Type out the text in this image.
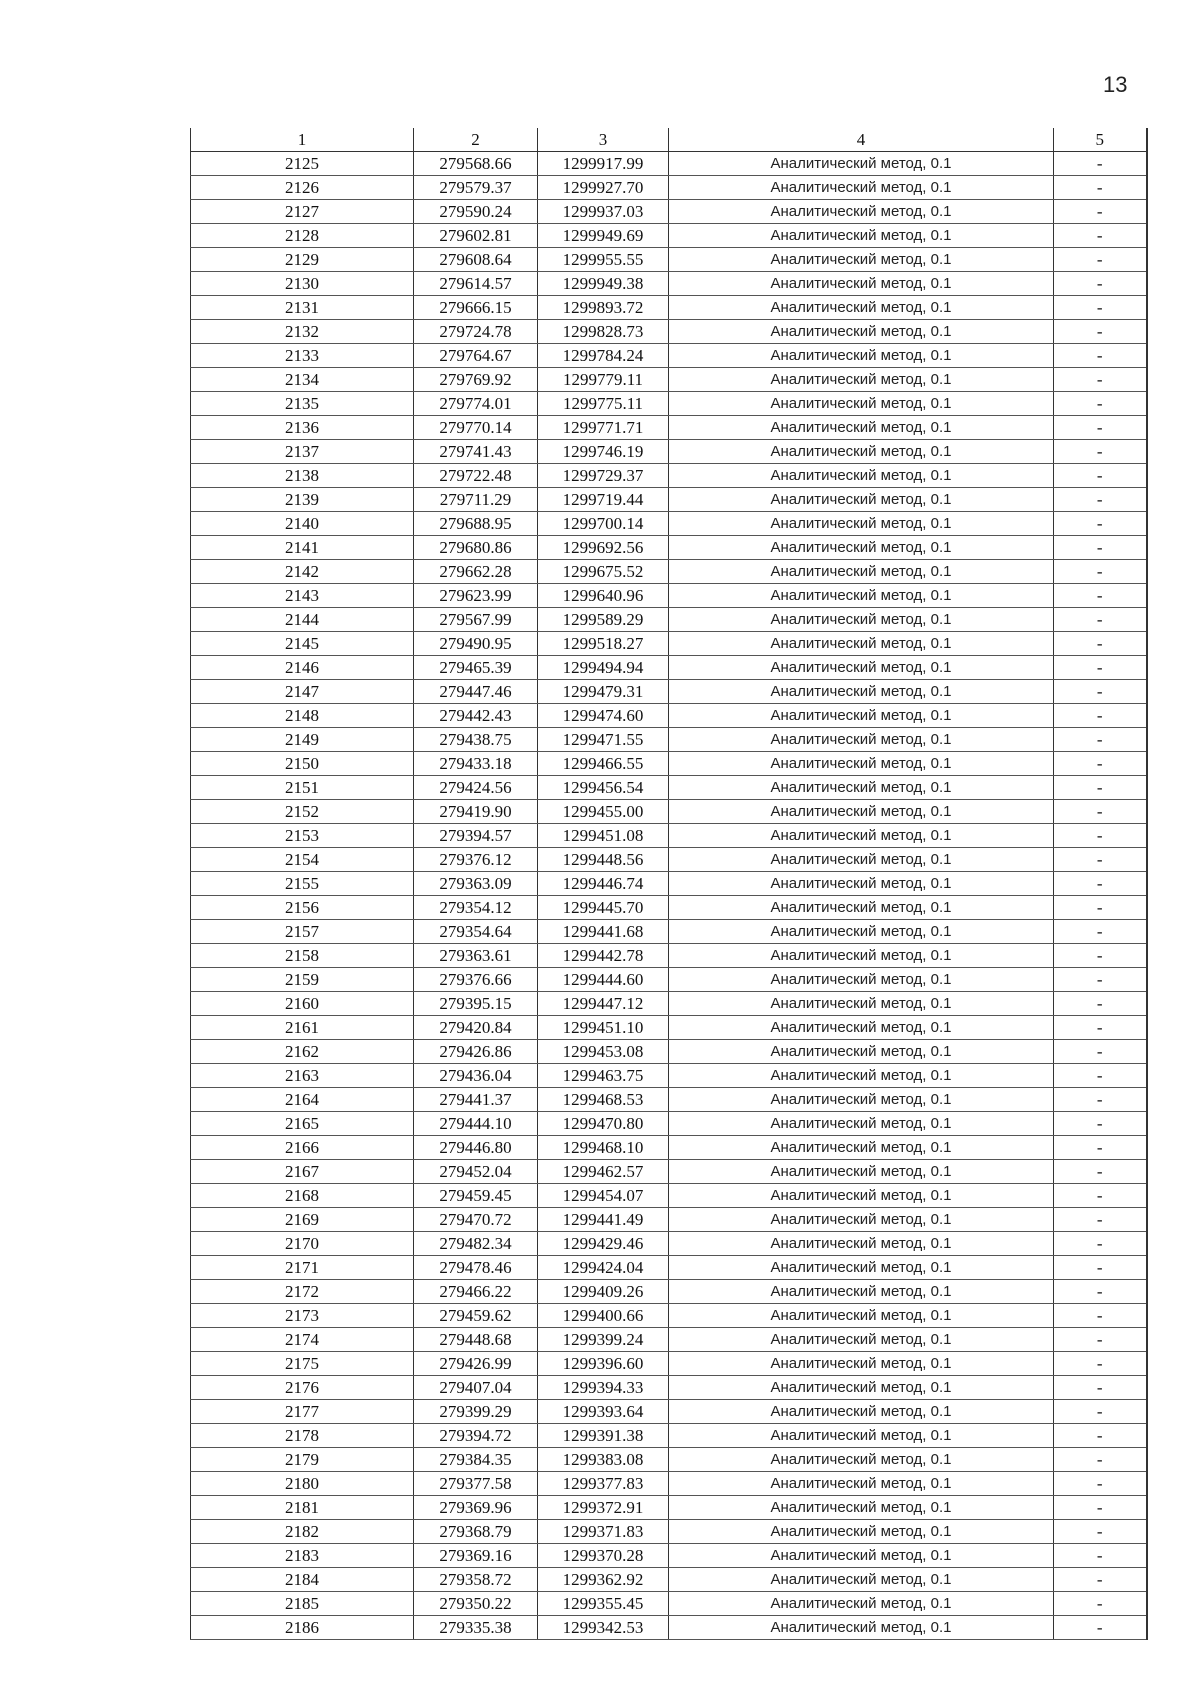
13
1	2	3	4	5
2125	279568.66	1299917.99	Аналитический метод, 0.1	-
2126	279579.37	1299927.70	Аналитический метод, 0.1	-
2127	279590.24	1299937.03	Аналитический метод, 0.1	-
2128	279602.81	1299949.69	Аналитический метод, 0.1	-
2129	279608.64	1299955.55	Аналитический метод, 0.1	-
2130	279614.57	1299949.38	Аналитический метод, 0.1	-
2131	279666.15	1299893.72	Аналитический метод, 0.1	-
2132	279724.78	1299828.73	Аналитический метод, 0.1	-
2133	279764.67	1299784.24	Аналитический метод, 0.1	-
2134	279769.92	1299779.11	Аналитический метод, 0.1	-
2135	279774.01	1299775.11	Аналитический метод, 0.1	-
2136	279770.14	1299771.71	Аналитический метод, 0.1	-
2137	279741.43	1299746.19	Аналитический метод, 0.1	-
2138	279722.48	1299729.37	Аналитический метод, 0.1	-
2139	279711.29	1299719.44	Аналитический метод, 0.1	-
2140	279688.95	1299700.14	Аналитический метод, 0.1	-
2141	279680.86	1299692.56	Аналитический метод, 0.1	-
2142	279662.28	1299675.52	Аналитический метод, 0.1	-
2143	279623.99	1299640.96	Аналитический метод, 0.1	-
2144	279567.99	1299589.29	Аналитический метод, 0.1	-
2145	279490.95	1299518.27	Аналитический метод, 0.1	-
2146	279465.39	1299494.94	Аналитический метод, 0.1	-
2147	279447.46	1299479.31	Аналитический метод, 0.1	-
2148	279442.43	1299474.60	Аналитический метод, 0.1	-
2149	279438.75	1299471.55	Аналитический метод, 0.1	-
2150	279433.18	1299466.55	Аналитический метод, 0.1	-
2151	279424.56	1299456.54	Аналитический метод, 0.1	-
2152	279419.90	1299455.00	Аналитический метод, 0.1	-
2153	279394.57	1299451.08	Аналитический метод, 0.1	-
2154	279376.12	1299448.56	Аналитический метод, 0.1	-
2155	279363.09	1299446.74	Аналитический метод, 0.1	-
2156	279354.12	1299445.70	Аналитический метод, 0.1	-
2157	279354.64	1299441.68	Аналитический метод, 0.1	-
2158	279363.61	1299442.78	Аналитический метод, 0.1	-
2159	279376.66	1299444.60	Аналитический метод, 0.1	-
2160	279395.15	1299447.12	Аналитический метод, 0.1	-
2161	279420.84	1299451.10	Аналитический метод, 0.1	-
2162	279426.86	1299453.08	Аналитический метод, 0.1	-
2163	279436.04	1299463.75	Аналитический метод, 0.1	-
2164	279441.37	1299468.53	Аналитический метод, 0.1	-
2165	279444.10	1299470.80	Аналитический метод, 0.1	-
2166	279446.80	1299468.10	Аналитический метод, 0.1	-
2167	279452.04	1299462.57	Аналитический метод, 0.1	-
2168	279459.45	1299454.07	Аналитический метод, 0.1	-
2169	279470.72	1299441.49	Аналитический метод, 0.1	-
2170	279482.34	1299429.46	Аналитический метод, 0.1	-
2171	279478.46	1299424.04	Аналитический метод, 0.1	-
2172	279466.22	1299409.26	Аналитический метод, 0.1	-
2173	279459.62	1299400.66	Аналитический метод, 0.1	-
2174	279448.68	1299399.24	Аналитический метод, 0.1	-
2175	279426.99	1299396.60	Аналитический метод, 0.1	-
2176	279407.04	1299394.33	Аналитический метод, 0.1	-
2177	279399.29	1299393.64	Аналитический метод, 0.1	-
2178	279394.72	1299391.38	Аналитический метод, 0.1	-
2179	279384.35	1299383.08	Аналитический метод, 0.1	-
2180	279377.58	1299377.83	Аналитический метод, 0.1	-
2181	279369.96	1299372.91	Аналитический метод, 0.1	-
2182	279368.79	1299371.83	Аналитический метод, 0.1	-
2183	279369.16	1299370.28	Аналитический метод, 0.1	-
2184	279358.72	1299362.92	Аналитический метод, 0.1	-
2185	279350.22	1299355.45	Аналитический метод, 0.1	-
2186	279335.38	1299342.53	Аналитический метод, 0.1	-
